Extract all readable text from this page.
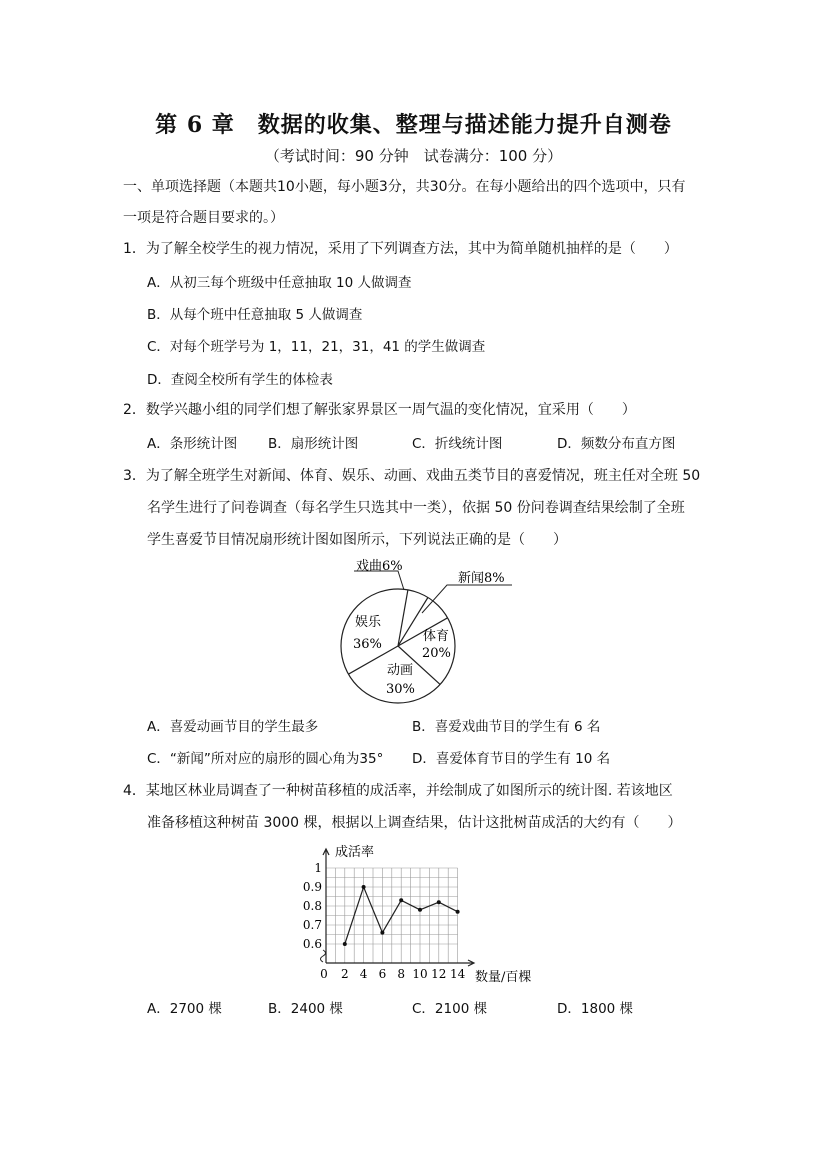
第 6 章　数据的收集、整理与描述能力提升自测卷
（考试时间：90 分钟　试卷满分：100 分）
一、单项选择题（本题共10小题，每小题3分，共30分。在每小题给出的四个选项中，只有
一项是符合题目要求的。）
1．为了解全校学生的视力情况，采用了下列调查方法，其中为简单随机抽样的是（　　）
A．从初三每个班级中任意抽取 10 人做调查
B．从每个班中任意抽取 5 人做调查
C．对每个班学号为 1，11，21，31，41 的学生做调查
D．查阅全校所有学生的体检表
2．数学兴趣小组的同学们想了解张家界景区一周气温的变化情况，宜采用（　　）
A．条形统计图 B．扇形统计图	C．折线统计图	D．频数分布直方图
3．为了解全班学生对新闻、体育、娱乐、动画、戏曲五类节目的喜爱情况，班主任对全班 50
名学生进行了问卷调查（每名学生只选其中一类），依据 50 份问卷调查结果绘制了全班
学生喜爱节目情况扇形统计图如图所示，下列说法正确的是（　　）
戏曲6%
新闻8%
体育
20%
动画
30%
娱乐
36%
A．喜爱动画节目的学生最多	B．喜爱戏曲节目的学生有 6 名
C．“新闻”所对应的扇形的圆心角为35° D．喜爱体育节目的学生有 10 名
4．某地区林业局调查了一种树苗移植的成活率，并绘制成了如图所示的统计图. 若该地区
准备移植这种树苗 3000 棵，根据以上调查结果，估计这批树苗成活的大约有（　　）
0.6
0.7
0.8
0.9
1
0 2 4 6 8 10 12 14
成活率
数量/百棵
A．2700 棵	B．2400 棵	C．2100 棵	D．1800 棵
